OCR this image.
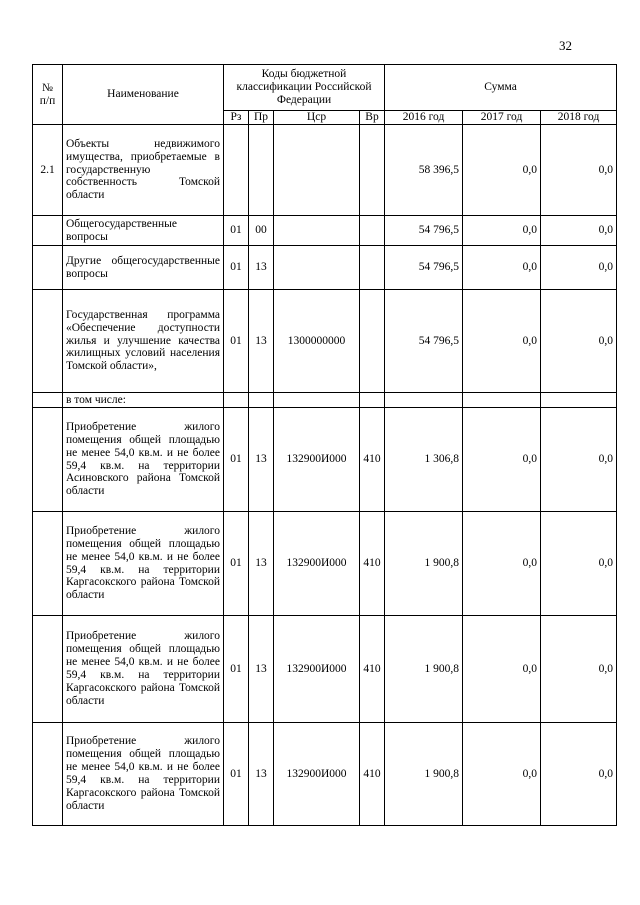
32
№ п/п	Наименование	Коды бюджетной классификации Российской Федерации				Сумма		
		Рз	Пр	Цср	Вр	2016 год	2017 год	2018 год
2.1	Объекты недвижимого имущества, приобретаемые в государственную собственность Томской области					58 396,5	0,0	0,0
	Общегосударственные вопросы	01	00			54 796,5	0,0	0,0
	Другие общегосударственные вопросы	01	13			54 796,5	0,0	0,0
	Государственная программа «Обеспечение доступности жилья и улучшение качества жилищных условий населения Томской области»,	01	13	1300000000		54 796,5	0,0	0,0
	в том числе:							
	Приобретение жилого помещения общей площадью не менее 54,0 кв.м. и не более 59,4 кв.м. на территории Асиновского района Томской области	01	13	132900И000	410	1 306,8	0,0	0,0
	Приобретение жилого помещения общей площадью не менее 54,0 кв.м. и не более 59,4 кв.м. на территории Каргасокского района Томской области	01	13	132900И000	410	1 900,8	0,0	0,0
	Приобретение жилого помещения общей площадью не менее 54,0 кв.м. и не более 59,4 кв.м. на территории Каргасокского района Томской области	01	13	132900И000	410	1 900,8	0,0	0,0
	Приобретение жилого помещения общей площадью не менее 54,0 кв.м. и не более 59,4 кв.м. на территории Каргасокского района Томской области	01	13	132900И000	410	1 900,8	0,0	0,0
